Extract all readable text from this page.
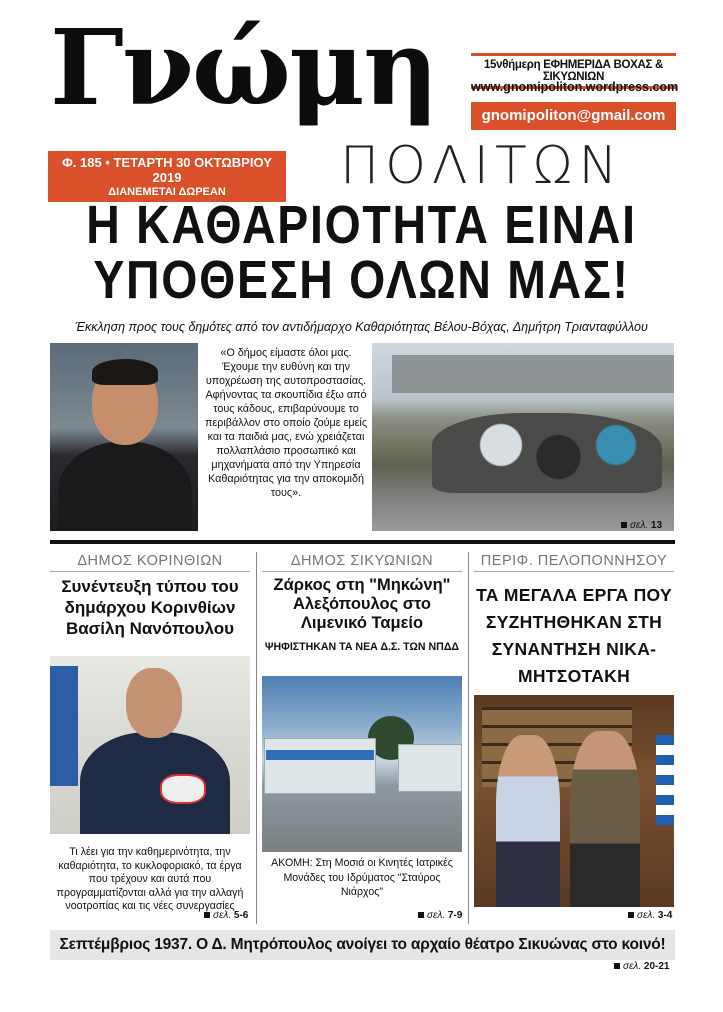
Γνώμη
ΠΟΛΙΤΩΝ
Φ. 185 • ΤΕΤΑΡΤΗ 30 ΟΚΤΩΒΡΙΟΥ 2019
ΔΙΑΝΕΜΕΤΑΙ ΔΩΡΕΑΝ
15νθήμερη ΕΦΗΜΕΡΙΔΑ ΒΟΧΑΣ & ΣΙΚΥΩΝΙΩΝ
www.gnomipoliton.wordpress.com
gnomipoliton@gmail.com
Η ΚΑΘΑΡΙΟΤΗΤΑ ΕΙΝΑΙ
ΥΠΟΘΕΣΗ ΟΛΩΝ ΜΑΣ!
Έκκληση προς τους δημότες από τον αντιδήμαρχο Καθαριότητας Βέλου-Βόχας, Δημήτρη Τριανταφύλλου
«Ο δήμος είμαστε όλοι μας. Έχουμε την ευθύνη και την υποχρέωση της αυτοπροστασίας. Αφήνοντας τα σκουπίδια έξω από τους κάδους, επιβαρύνουμε το περιβάλλον στο οποίο ζούμε εμείς και τα παιδιά μας, ενώ χρειάζεται πολλαπλάσιο προσωπικό και μηχανήματα από την Υπηρεσία Καθαριότητας για την αποκομιδή τους».
σελ. 13
ΔΗΜΟΣ ΚΟΡΙΝΘΙΩΝ
Συνέντευξη τύπου του δημάρχου Κορινθίων Βασίλη Νανόπουλου
Τι λέει για την καθημερινότητα, την καθαριότητα, το κυκλοφοριακό, τα έργα που τρέχουν και αυτά που προγραμματίζονται αλλά για την αλλαγή νοοτροπίας και τις νέες συνεργασίες
σελ. 5-6
ΔΗΜΟΣ ΣΙΚΥΩΝΙΩΝ
Ζάρκος στη "Μηκώνη" Αλεξόπουλος στο Λιμενικό Ταμείο
ΨΗΦΙΣΤΗΚΑΝ ΤΑ ΝΕΑ Δ.Σ. ΤΩΝ ΝΠΔΔ
ΑΚΟΜΗ: Στη Μοσιά οι Κινητές Ιατρικές Μονάδες του Ιδρύματος "Σταύρος Νιάρχος"
σελ. 7-9
ΠΕΡΙΦ. ΠΕΛΟΠΟΝΝΗΣΟΥ
ΤΑ ΜΕΓΑΛΑ ΕΡΓΑ ΠΟΥ ΣΥΖΗΤΗΘΗΚΑΝ ΣΤΗ ΣΥΝΑΝΤΗΣΗ ΝΙΚΑ-ΜΗΤΣΟΤΑΚΗ
σελ. 3-4
Σεπτέμβριος 1937. Ο Δ. Μητρόπουλος ανοίγει το αρχαίο θέατρο Σικυώνας στο κοινό!
σελ. 20-21
